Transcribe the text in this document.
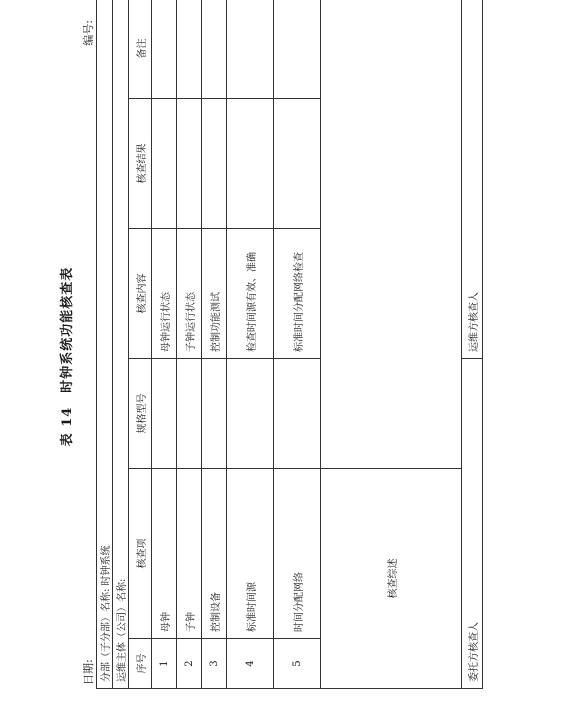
表 14　时钟系统功能核查表
日期:
编号:
分部（子分部）名称: 时钟系统					
运维主体（公司）名称:					
序号	核查项	规格型号	核查内容	核查结果	备注
1	母钟		母钟运行状态		
2	子钟		子钟运行状态		
3	控制设备		控制功能测试		
4	标准时间源		检查时间源有效、准确		
5	时间分配网络		标准时间分配网络检查		
核查综述					
委托方核查人			运维方核查人		
